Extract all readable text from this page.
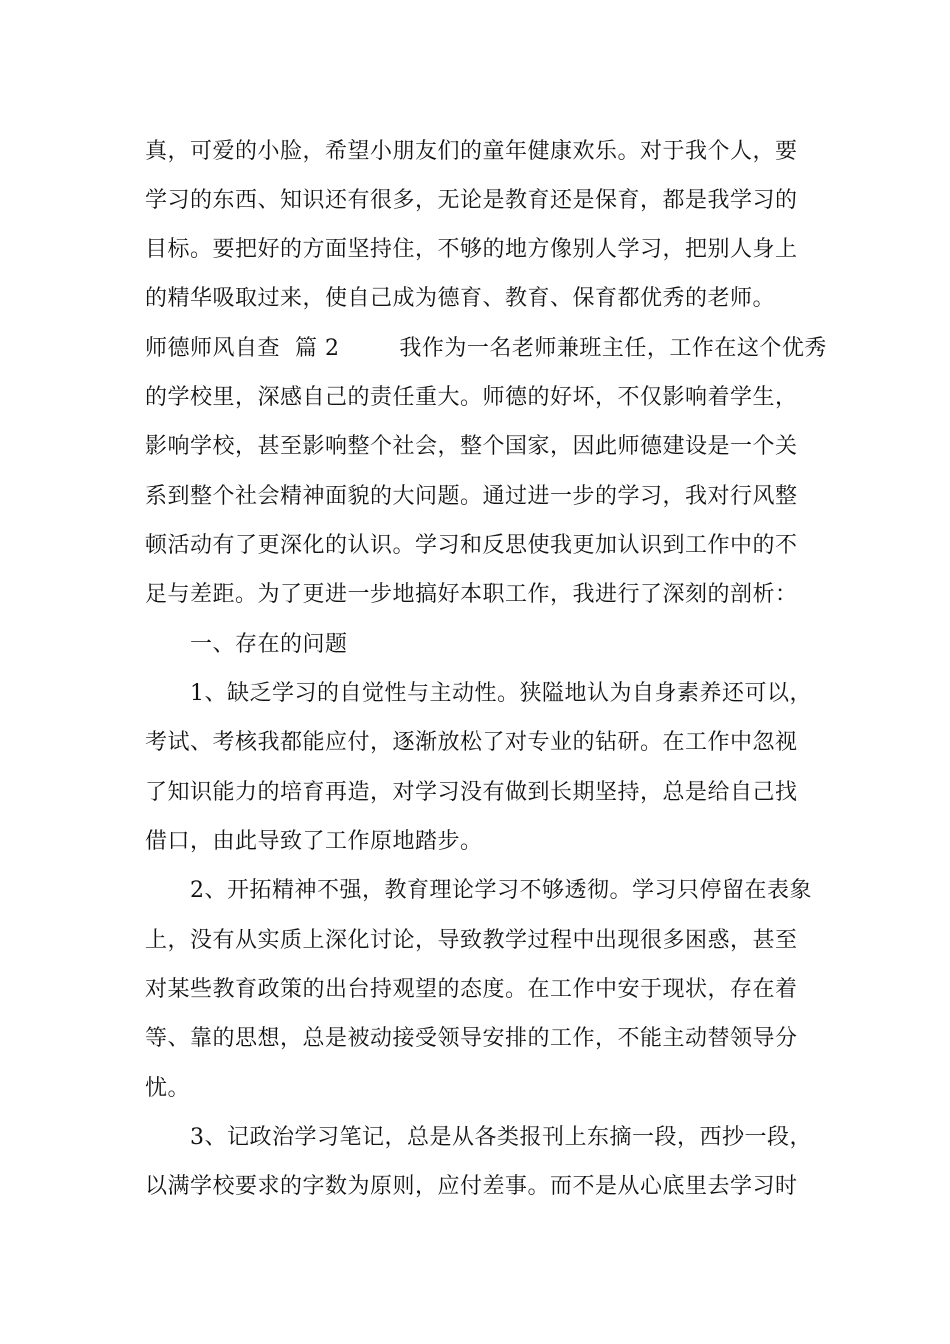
真，可爱的小脸，希望小朋友们的童年健康欢乐。对于我个人，要
学习的东西、知识还有很多，无论是教育还是保育，都是我学习的
目标。要把好的方面坚持住，不够的地方像别人学习，把别人身上
的精华吸取过来，使自己成为德育、教育、保育都优秀的老师。
师德师风自查  篇 2        我作为一名老师兼班主任，工作在这个优秀
的学校里，深感自己的责任重大。师德的好坏，不仅影响着学生，
影响学校，甚至影响整个社会，整个国家，因此师德建设是一个关
系到整个社会精神面貌的大问题。通过进一步的学习，我对行风整
顿活动有了更深化的认识。学习和反思使我更加认识到工作中的不
足与差距。为了更进一步地搞好本职工作，我进行了深刻的剖析：
一、存在的问题
1、缺乏学习的自觉性与主动性。狭隘地认为自身素养还可以，
考试、考核我都能应付，逐渐放松了对专业的钻研。在工作中忽视
了知识能力的培育再造，对学习没有做到长期坚持，总是给自己找
借口，由此导致了工作原地踏步。
2、开拓精神不强，教育理论学习不够透彻。学习只停留在表象
上，没有从实质上深化讨论，导致教学过程中出现很多困惑，甚至
对某些教育政策的出台持观望的态度。在工作中安于现状，存在着
等、靠的思想，总是被动接受领导安排的工作，不能主动替领导分
忧。
3、记政治学习笔记，总是从各类报刊上东摘一段，西抄一段，
以满学校要求的字数为原则，应付差事。而不是从心底里去学习时
